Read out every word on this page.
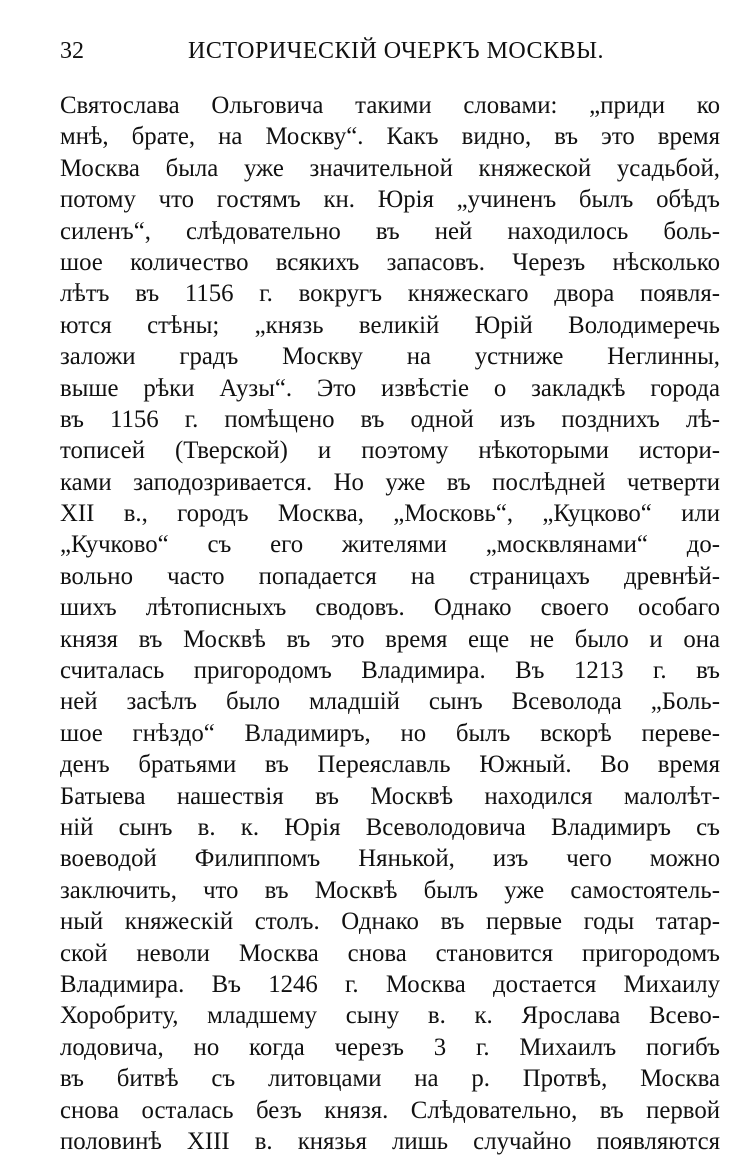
32	ИСТОРИЧЕСКІЙ ОЧЕРКЪ МОСКВЫ.
Святослава Ольговича такими словами: „приди ко
мнѣ, брате, на Москву“. Какъ видно, въ это время
Москва была уже значительной княжеской усадьбой,
потому что гостямъ кн. Юрія „учиненъ былъ обѣдъ
силенъ“, слѣдовательно въ ней находилось боль-
шое количество всякихъ запасовъ. Черезъ нѣсколько
лѣтъ въ 1156 г. вокругъ княжескаго двора появля-
ются стѣны; „князь великій Юрій Володимеречь
заложи градъ Москву на устниже Неглинны,
выше рѣки Аузы“. Это извѣстіе о закладкѣ города
въ 1156 г. помѣщено въ одной изъ позднихъ лѣ-
тописей (Тверской) и поэтому нѣкоторыми истори-
ками заподозривается. Но уже въ послѣдней четверти
XII в., городъ Москва, „Московь“, „Куцково“ или
„Кучково“ съ его жителями „москвлянами“ до-
вольно часто попадается на страницахъ древнѣй-
шихъ лѣтописныхъ сводовъ. Однако своего особаго
князя въ Москвѣ въ это время еще не было и она
считалась пригородомъ Владимира. Въ 1213 г. въ
ней засѣлъ было младшій сынъ Всеволода „Боль-
шое гнѣздо“ Владимиръ, но былъ вскорѣ переве-
денъ братьями въ Переяславль Южный. Во время
Батыева нашествія въ Москвѣ находился малолѣт-
ній сынъ в. к. Юрія Всеволодовича Владимиръ съ
воеводой Филиппомъ Нянькой, изъ чего можно
заключить, что въ Москвѣ былъ уже самостоятель-
ный княжескій столъ. Однако въ первые годы татар-
ской неволи Москва снова становится пригородомъ
Владимира. Въ 1246 г. Москва достается Михаилу
Хоробриту, младшему сыну в. к. Ярослава Всево-
лодовича, но когда черезъ 3 г. Михаилъ погибъ
въ битвѣ съ литовцами на р. Протвѣ, Москва
снова осталась безъ князя. Слѣдовательно, въ первой
половинѣ XIII в. князья лишь случайно появляются
